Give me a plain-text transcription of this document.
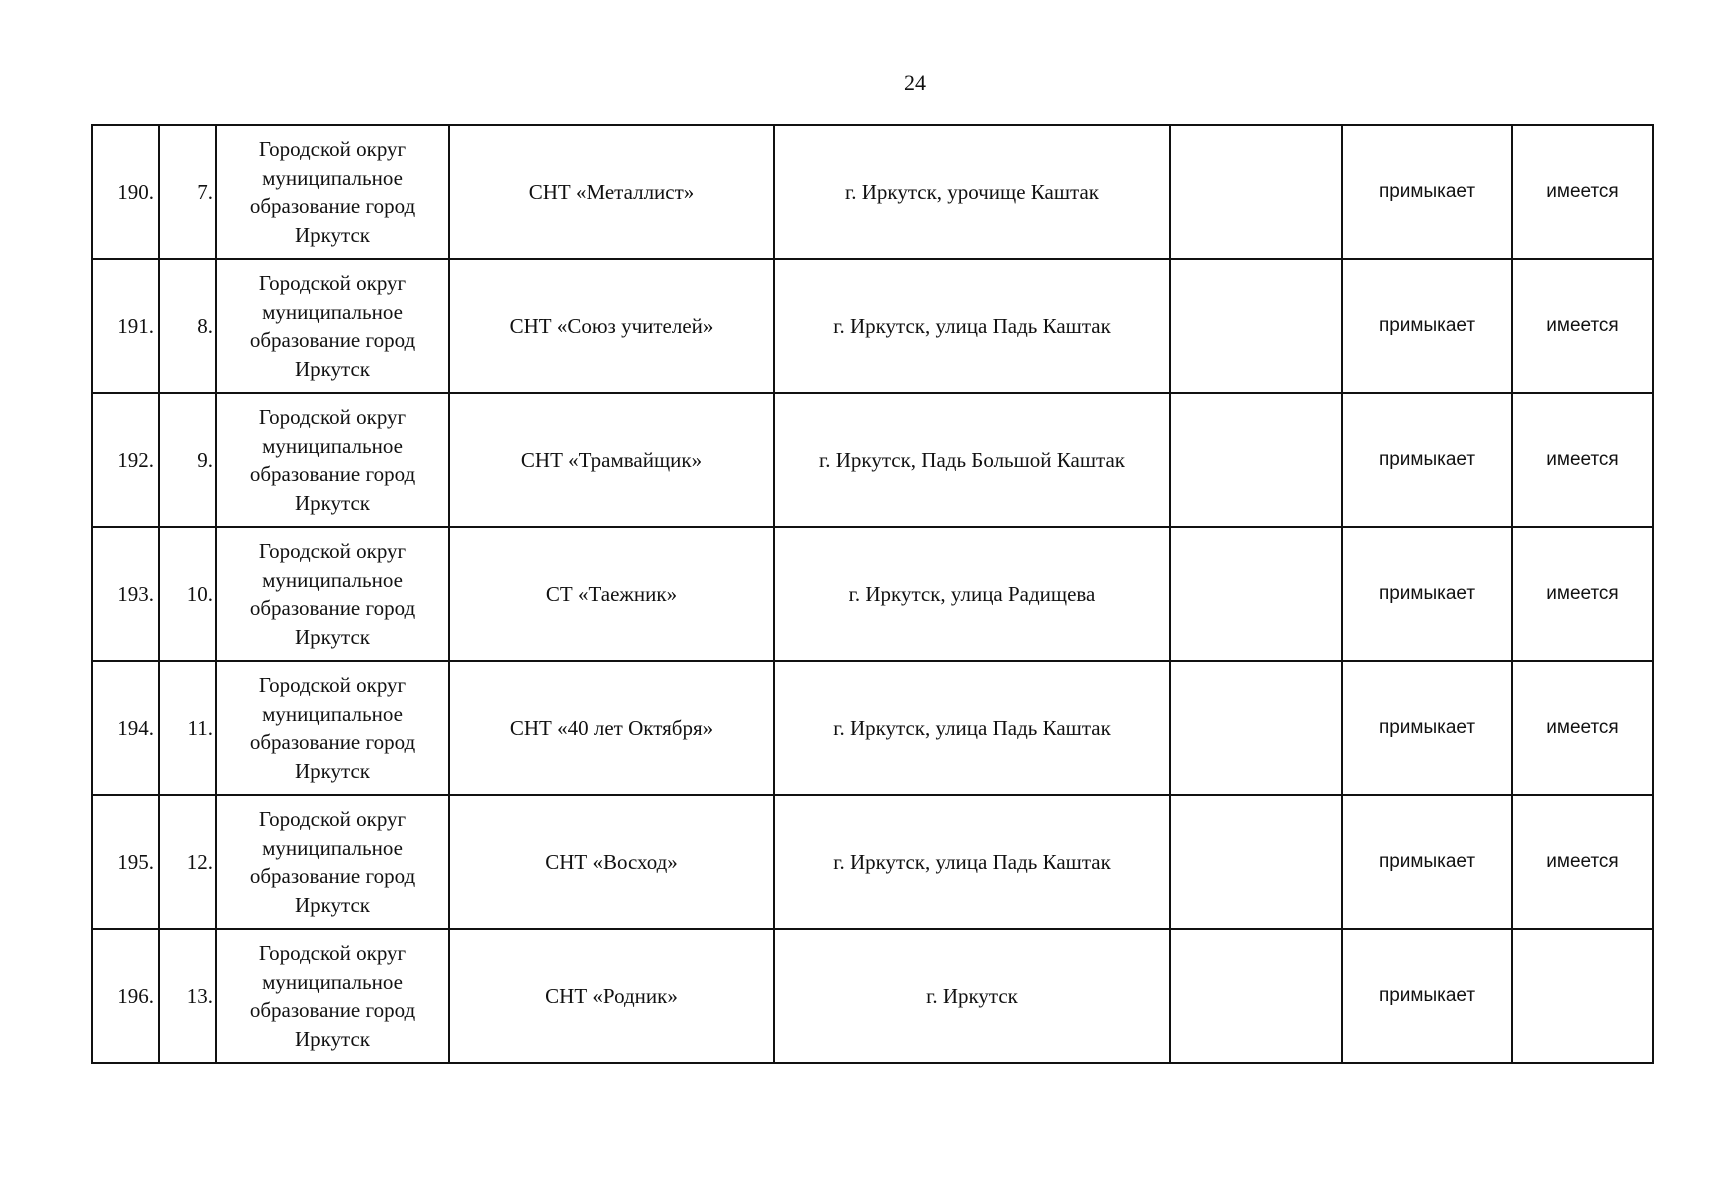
24
190.	7.	Городской округ муниципальное образование город Иркутск	СНТ «Металлист»	г. Иркутск, урочище Каштак		примыкает	имеется
191.	8.	Городской округ муниципальное образование город Иркутск	СНТ «Союз учителей»	г. Иркутск, улица Падь Каштак		примыкает	имеется
192.	9.	Городской округ муниципальное образование город Иркутск	СНТ «Трамвайщик»	г. Иркутск, Падь Большой Каштак		примыкает	имеется
193.	10.	Городской округ муниципальное образование город Иркутск	СТ «Таежник»	г. Иркутск, улица Радищева		примыкает	имеется
194.	11.	Городской округ муниципальное образование город Иркутск	СНТ «40 лет Октября»	г. Иркутск, улица Падь Каштак		примыкает	имеется
195.	12.	Городской округ муниципальное образование город Иркутск	СНТ «Восход»	г. Иркутск, улица Падь Каштак		примыкает	имеется
196.	13.	Городской округ муниципальное образование город Иркутск	СНТ «Родник»	г. Иркутск		примыкает	
